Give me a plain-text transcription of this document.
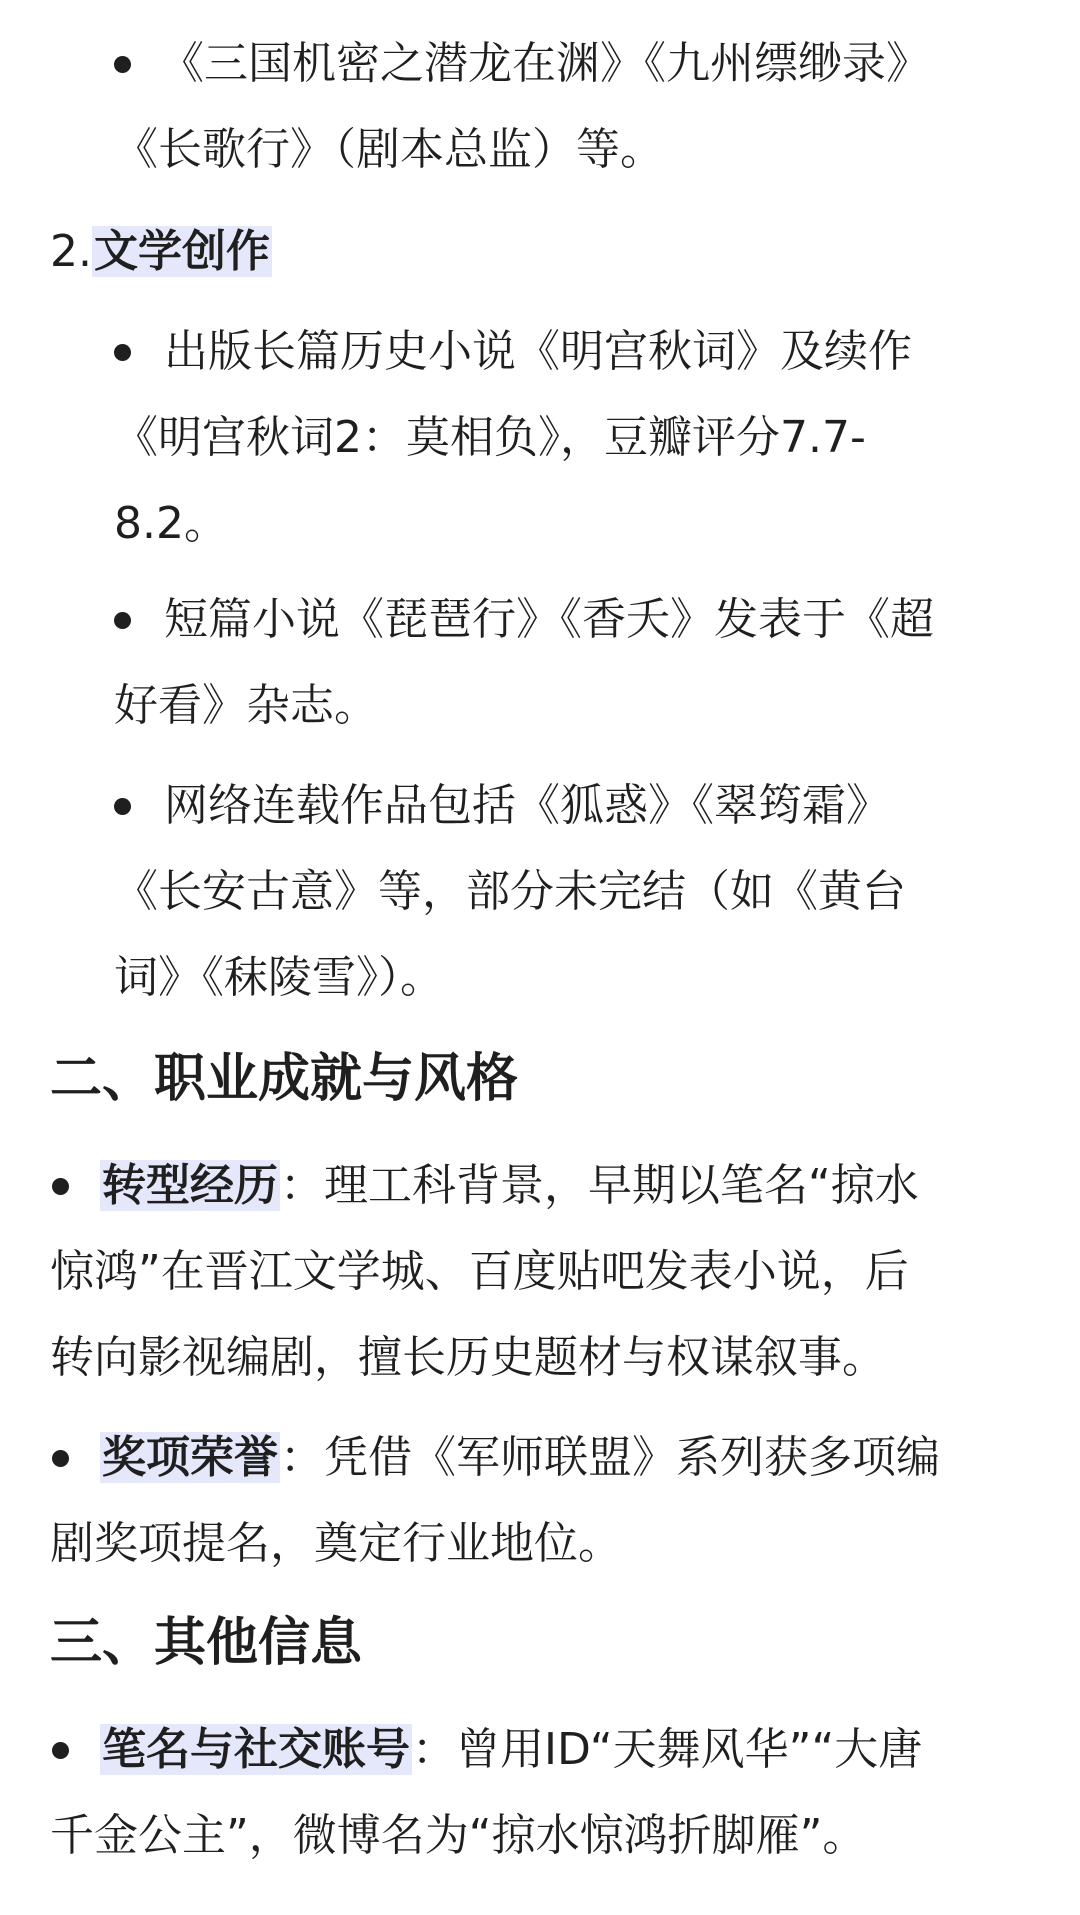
《三国机密之潜龙在渊》《九州缥缈录》
《长歌行》（剧本总监）等。
2.文学创作
出版长篇历史小说《明宫秋词》及续作
《明宫秋词2：莫相负》，豆瓣评分7.7-
8.2。
短篇小说《琵琶行》《香夭》发表于《超
好看》杂志。
网络连载作品包括《狐惑》《翠筠霜》
《长安古意》等，部分未完结（如《黄台
词》《秣陵雪》）。
二、职业成就与风格
转型经历：理工科背景，早期以笔名“掠水
惊鸿”在晋江文学城、百度贴吧发表小说，后
转向影视编剧，擅长历史题材与权谋叙事。
奖项荣誉：凭借《军师联盟》系列获多项编
剧奖项提名，奠定行业地位。
三、其他信息
笔名与社交账号：曾用ID“天舞风华”“大唐
千金公主”，微博名为“掠水惊鸿折脚雁”。
